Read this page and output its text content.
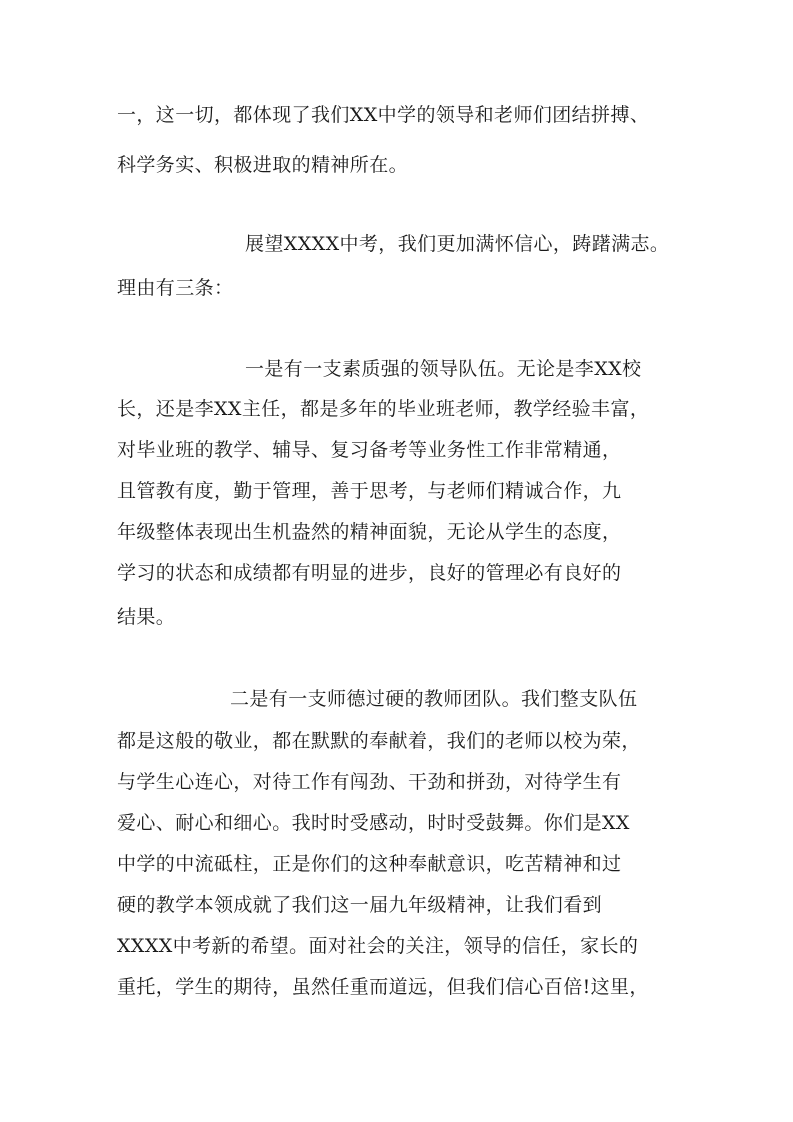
一，这一切，都体现了我们XX中学的领导和老师们团结拼搏、
科学务实、积极进取的精神所在。
展望XXXX中考，我们更加满怀信心，踌躇满志。
理由有三条：
一是有一支素质强的领导队伍。无论是李XX校
长，还是李XX主任，都是多年的毕业班老师，教学经验丰富，
对毕业班的教学、辅导、复习备考等业务性工作非常精通，
且管教有度，勤于管理，善于思考，与老师们精诚合作，九
年级整体表现出生机盎然的精神面貌，无论从学生的态度，
学习的状态和成绩都有明显的进步，良好的管理必有良好的
结果。
二是有一支师德过硬的教师团队。我们整支队伍
都是这般的敬业，都在默默的奉献着，我们的老师以校为荣，
与学生心连心，对待工作有闯劲、干劲和拼劲，对待学生有
爱心、耐心和细心。我时时受感动，时时受鼓舞。你们是XX
中学的中流砥柱，正是你们的这种奉献意识，吃苦精神和过
硬的教学本领成就了我们这一届九年级精神，让我们看到
XXXX中考新的希望。面对社会的关注，领导的信任，家长的
重托，学生的期待，虽然任重而道远，但我们信心百倍!这里，
